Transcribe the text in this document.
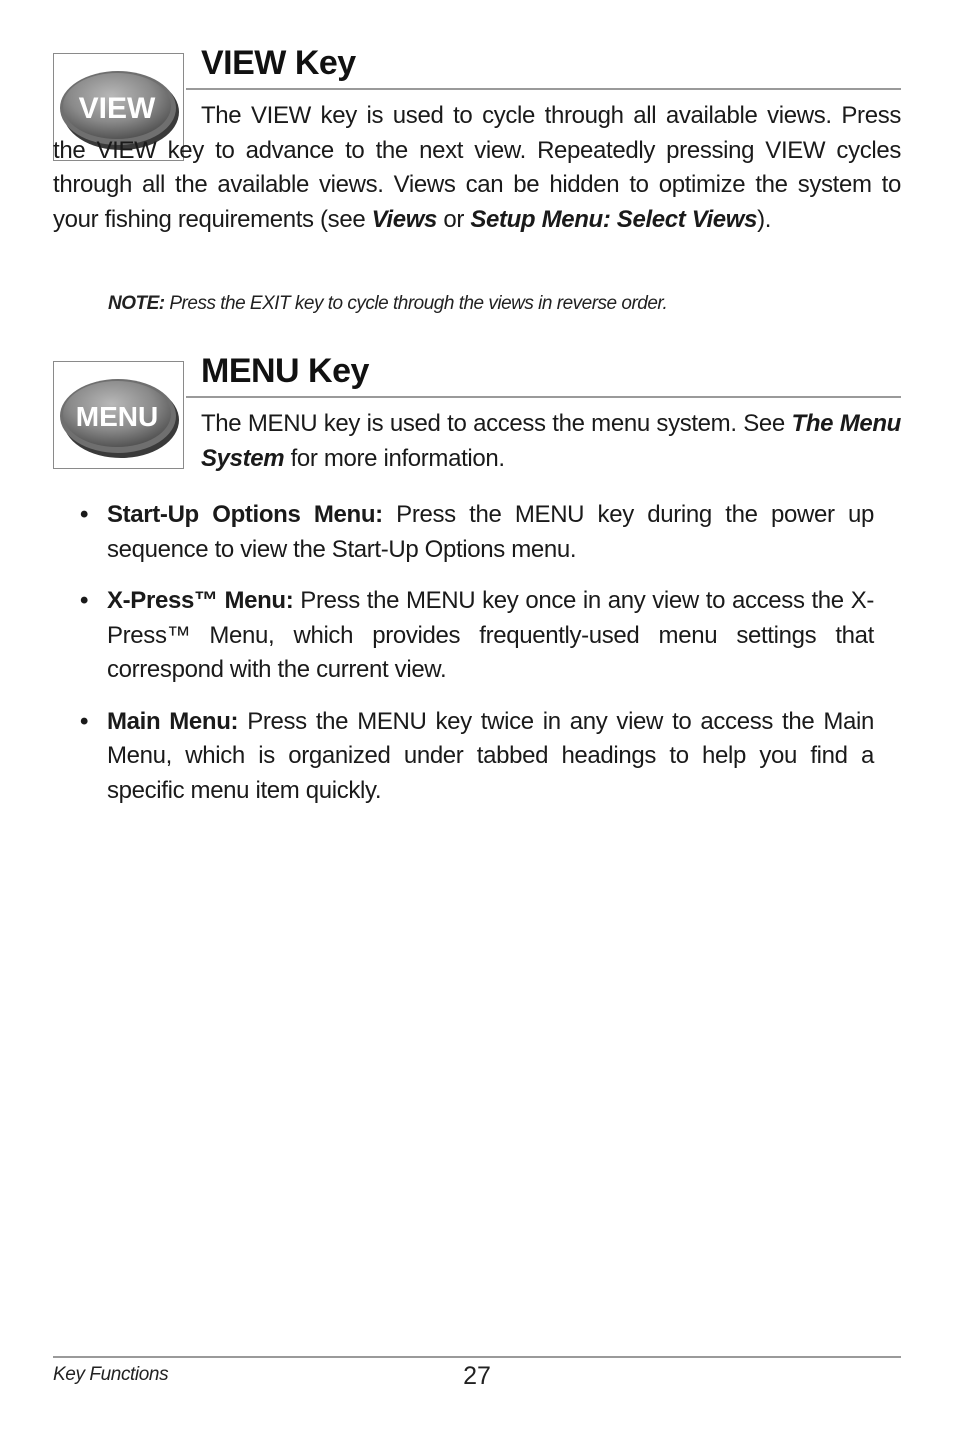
VIEW
VIEW Key

The VIEW key is used to cycle through all available views. Press the VIEW key to advance to the next view. Repeatedly pressing VIEW cycles through all the available views. Views can be hidden to optimize the system to your fishing requirements (see Views or Setup Menu: Select Views).

NOTE: Press the EXIT key to cycle through the views in reverse order.

MENU
MENU Key

The MENU key is used to access the menu system. See The Menu System for more information.

• Start-Up Options Menu: Press the MENU key during the power up sequence to view the Start-Up Options menu.
• X-Press™ Menu: Press the MENU key once in any view to access the X-Press™ Menu, which provides frequently-used menu settings that correspond with the current view.
• Main Menu: Press the MENU key twice in any view to access the Main Menu, which is organized under tabbed headings to help you find a specific menu item quickly.
Key Functions	27
